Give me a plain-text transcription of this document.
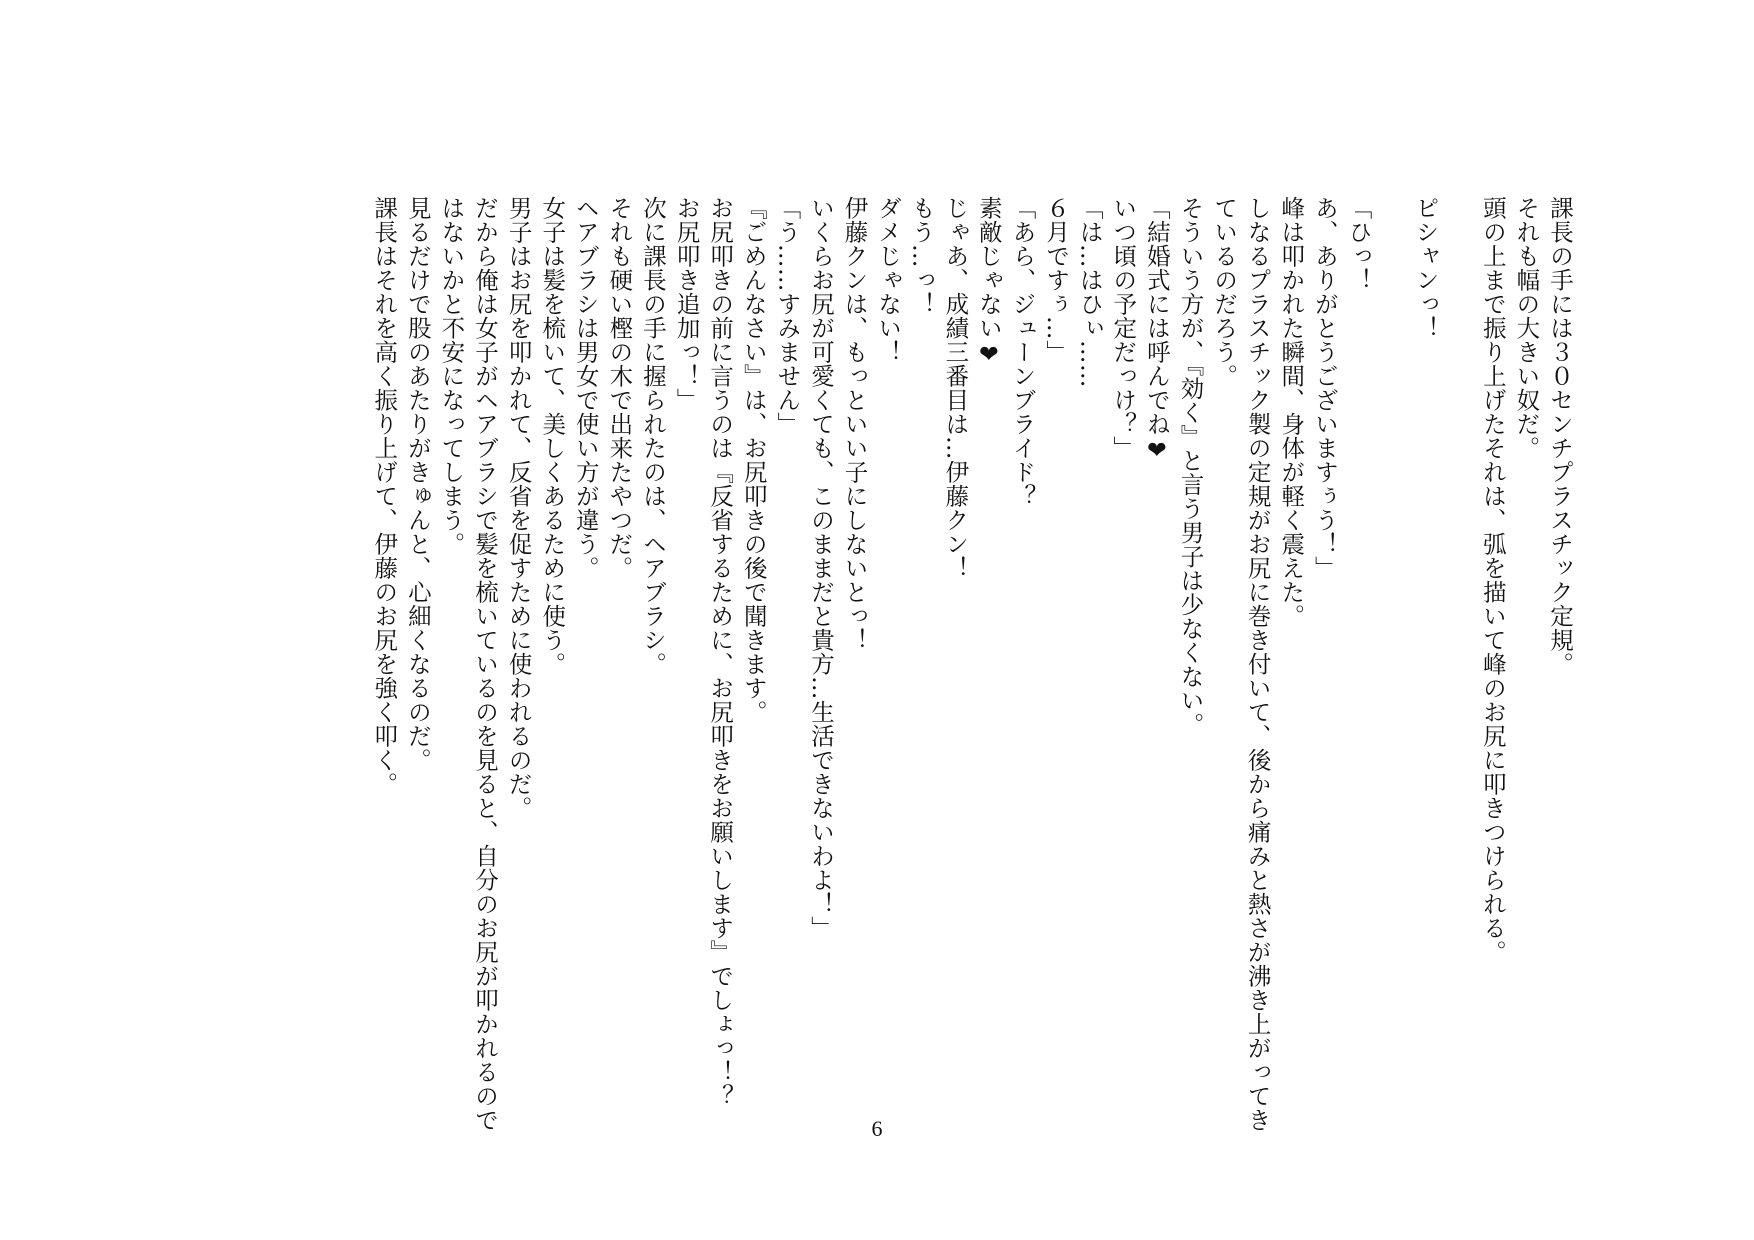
課長の手には３０センチプラスチック定規。
それも幅の大きい奴だ。
頭の上まで振り上げたそれは、弧を描いて峰のお尻に叩きつけられる。

ピシャンっ！

「ひっ！
あ、ありがとうございますぅう！」
峰は叩かれた瞬間、身体が軽く震えた。
しなるプラスチック製の定規がお尻に巻き付いて、後から痛みと熱さが沸き上がってき
ているのだろう。
そういう方が、『効く』と言う男子は少なくない。
「結婚式には呼んでね❤
いつ頃の予定だっけ？」
「は…はひぃ……
６月ですぅ…」
「あら、ジューンブライド？
素敵じゃない❤
じゃあ、成績三番目は…伊藤クン！
もう…っ！
ダメじゃない！
伊藤クンは、もっといい子にしないとっ！
いくらお尻が可愛くても、このままだと貴方…生活できないわよ！」
「う……すみません」
『ごめんなさい』は、お尻叩きの後で聞きます。
お尻叩きの前に言うのは『反省するために、お尻叩きをお願いします』でしょっ！？
お尻叩き追加っ！」
次に課長の手に握られたのは、ヘアブラシ。
それも硬い樫の木で出来たやつだ。
ヘアブラシは男女で使い方が違う。
女子は髪を梳いて、美しくあるために使う。
男子はお尻を叩かれて、反省を促すために使われるのだ。
だから俺は女子がヘアブラシで髪を梳いているのを見ると、自分のお尻が叩かれるので
はないかと不安になってしまう。
見るだけで股のあたりがきゅんと、心細くなるのだ。
課長はそれを高く振り上げて、伊藤のお尻を強く叩く。
6
